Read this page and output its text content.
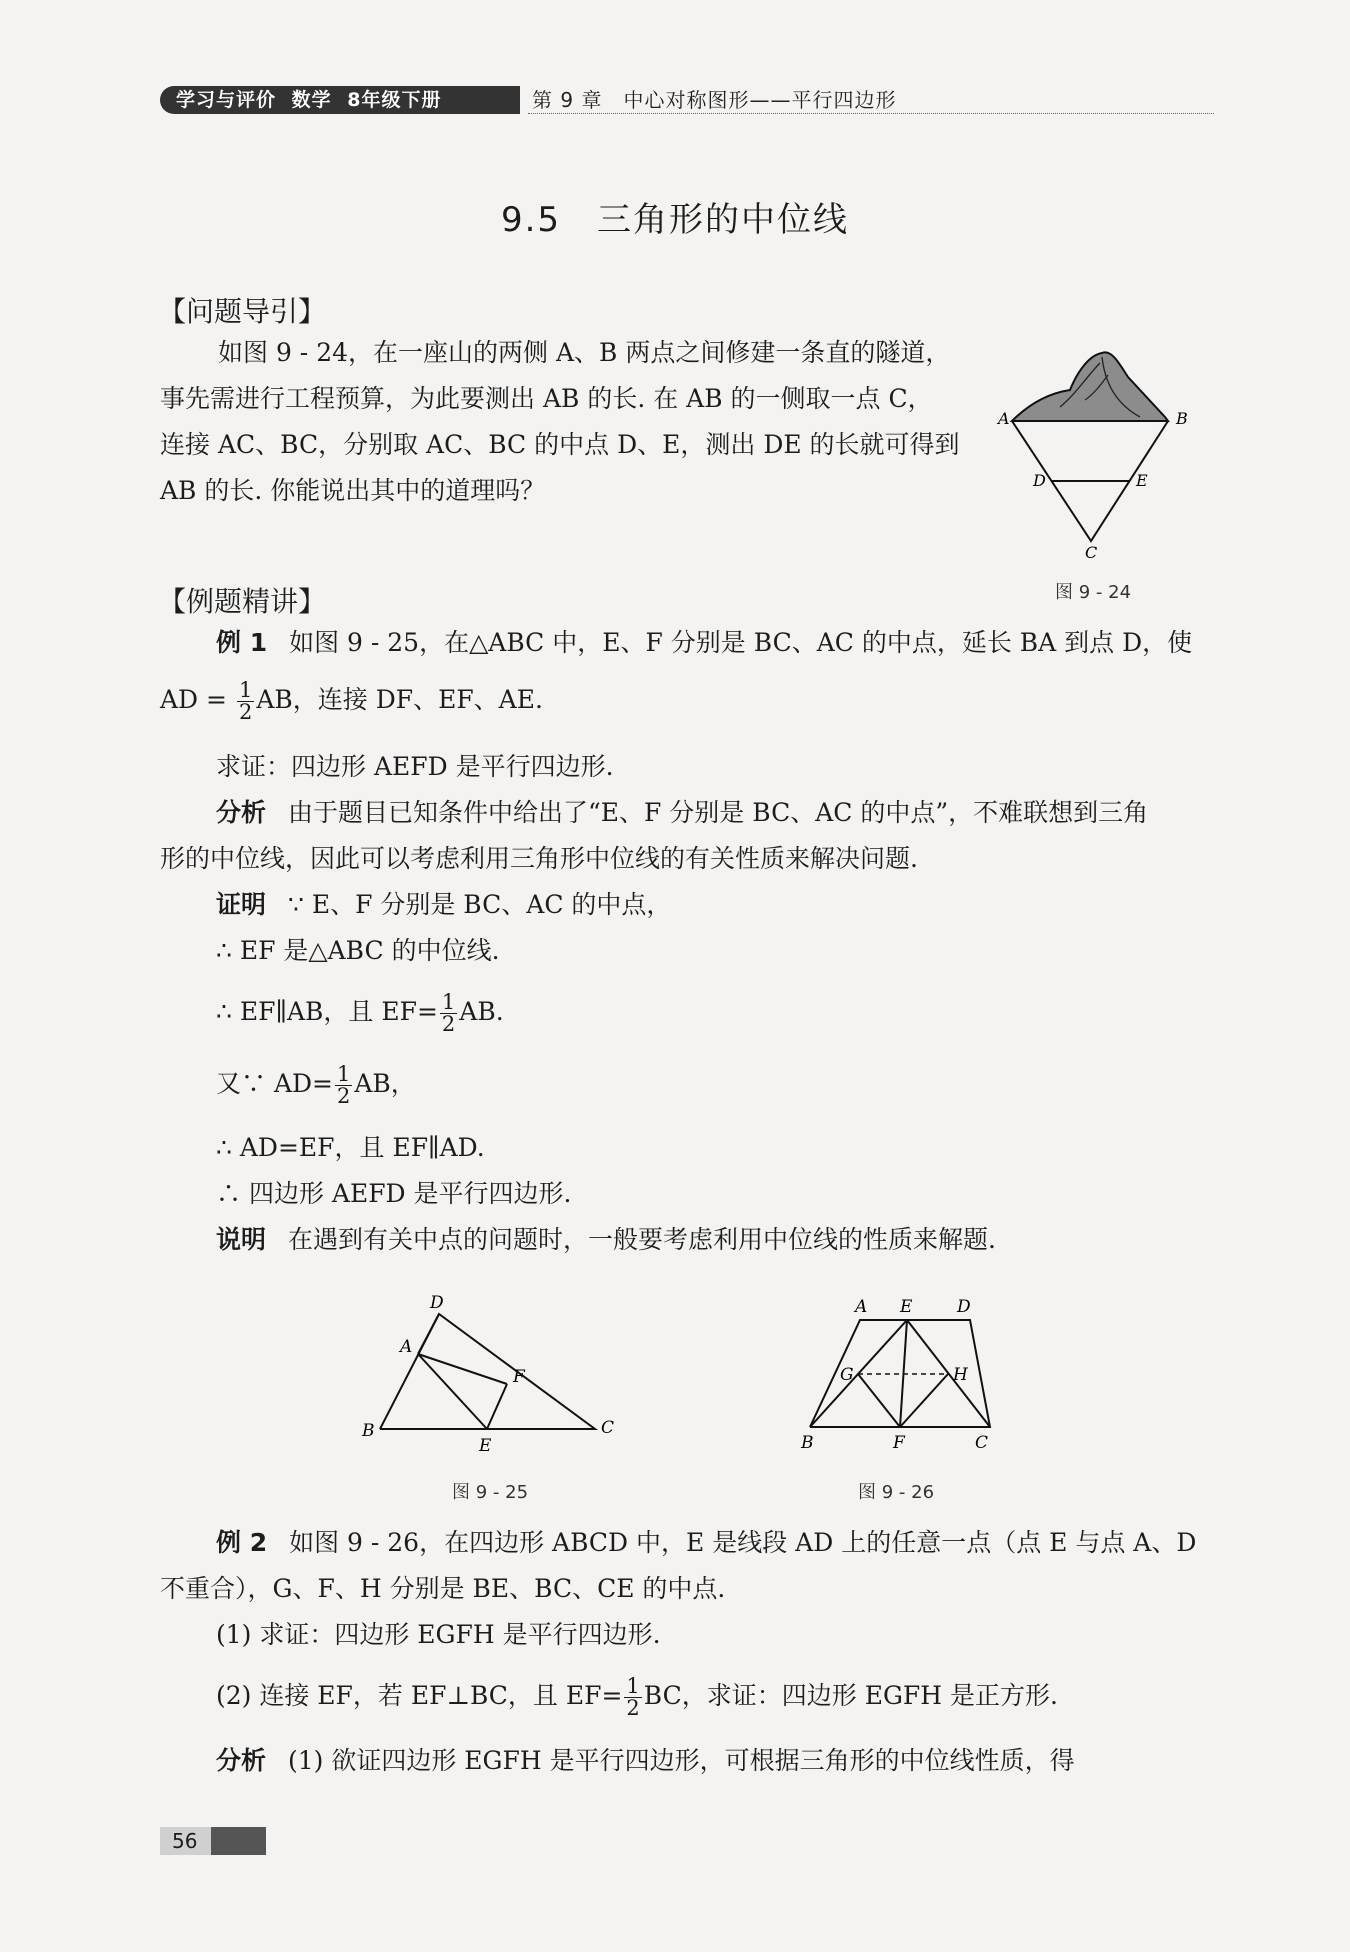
学习与评价 数学 8年级下册	第 9 章　中心对称图形——平行四边形
9.5　三角形的中位线
【问题导引】
如图 9 - 24，在一座山的两侧 A、B 两点之间修建一条直的隧道，
事先需进行工程预算，为此要测出 AB 的长. 在 AB 的一侧取一点 C，
连接 AC、BC，分别取 AC、BC 的中点 D、E，测出 DE 的长就可得到
AB 的长. 你能说出其中的道理吗？
A	B
C
D	E
图 9 - 24
【例题精讲】
例 1 如图 9 - 25，在△ABC 中，E、F 分别是 BC、AC 的中点，延长 BA 到点 D，使
AD = $\frac{1}{2}$ AB，连接 DF、EF、AE.
求证：四边形 AEFD 是平行四边形.
分析 由于题目已知条件中给出了“E、F 分别是 BC、AC 的中点”，不难联想到三角
形的中位线，因此可以考虑利用三角形中位线的有关性质来解决问题.
证明 ∵ E、F 分别是 BC、AC 的中点，
∴ EF 是△ABC 的中位线.
∴ EF∥AB，且 $EF= \frac{1}{2}$ AB.
又∵ $AD= \frac{1}{2}$ AB，
∴ AD=EF，且 EF∥AD.
∴ 四边形 AEFD 是平行四边形.
说明 在遇到有关中点的问题时，一般要考虑利用中位线的性质来解题.
D
A
F
B
E
C
图 9 - 25
A E	D
G	H
B	F	C
图 9 - 26
例 2 如图 9 - 26，在四边形 ABCD 中，E 是线段 AD 上的任意一点（点 E 与点 A、D
不重合），G、F、H 分别是 BE、BC、CE 的中点.
(1) 求证：四边形 EGFH 是平行四边形.
(2) 连接 EF，若 EF⊥BC，且 $EF= \frac{1}{2}$ BC，求证：四边形 EGFH 是正方形.
分析 (1) 欲证四边形 EGFH 是平行四边形，可根据三角形的中位线性质，得
56
